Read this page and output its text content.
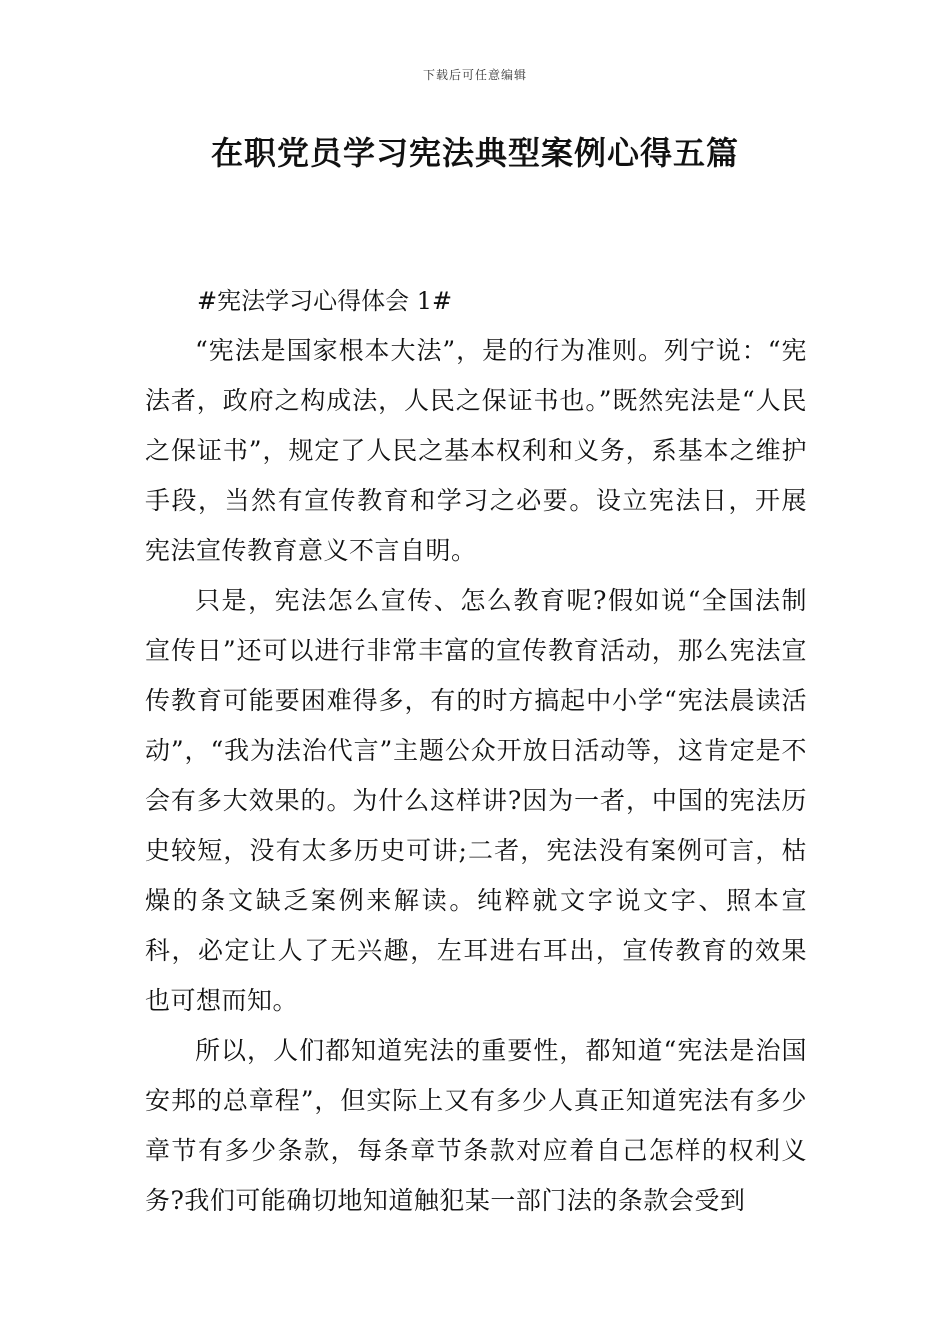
下载后可任意编辑
在职党员学习宪法典型案例心得五篇

#宪法学习心得体会 1#

“宪法是国家根本大法”，是的行为准则。列宁说：“宪法者，政府之构成法，人民之保证书也。”既然宪法是“人民之保证书”，规定了人民之基本权利和义务，系基本之维护手段，当然有宣传教育和学习之必要。设立宪法日，开展宪法宣传教育意义不言自明。

只是，宪法怎么宣传、怎么教育呢?假如说“全国法制宣传日”还可以进行非常丰富的宣传教育活动，那么宪法宣传教育可能要困难得多，有的时方搞起中小学“宪法晨读活动”，“我为法治代言”主题公众开放日活动等，这肯定是不会有多大效果的。为什么这样讲?因为一者，中国的宪法历史较短，没有太多历史可讲;二者，宪法没有案例可言，枯燥的条文缺乏案例来解读。纯粹就文字说文字、照本宣科，必定让人了无兴趣，左耳进右耳出，宣传教育的效果也可想而知。

所以，人们都知道宪法的重要性，都知道“宪法是治国安邦的总章程”，但实际上又有多少人真正知道宪法有多少章节有多少条款，每条章节条款对应着自己怎样的权利义务?我们可能确切地知道触犯某一部门法的条款会受到
